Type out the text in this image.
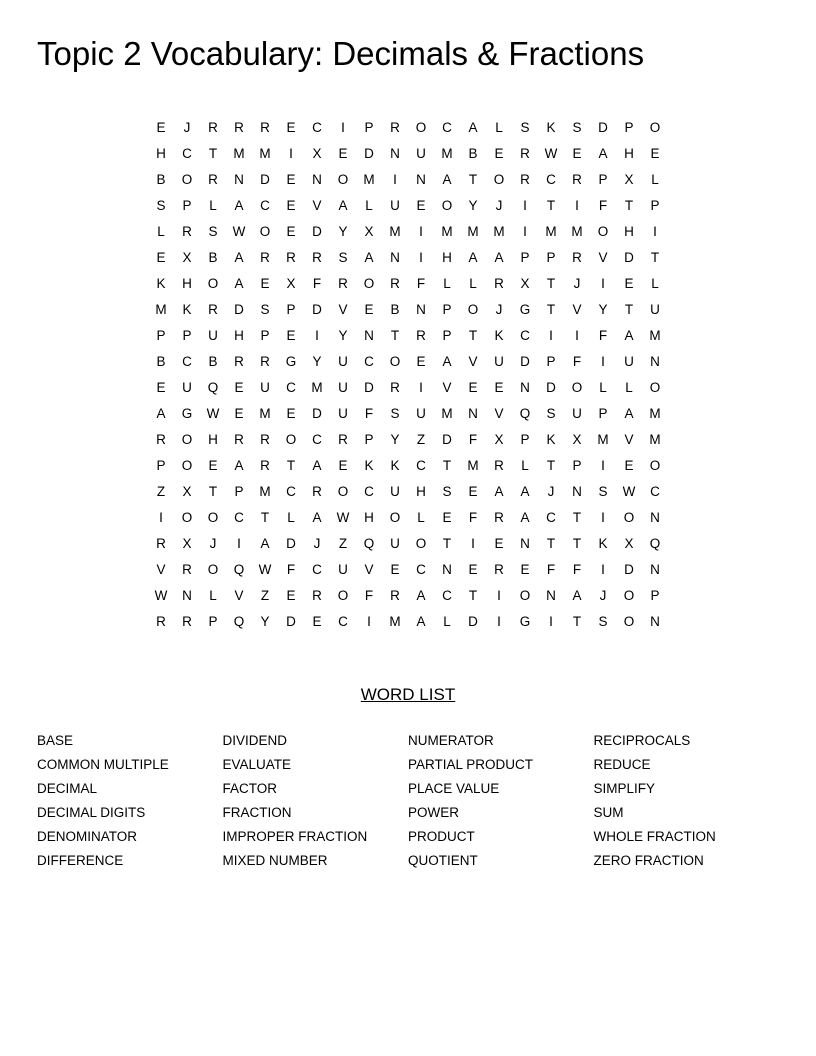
Topic 2 Vocabulary: Decimals & Fractions
E	J	R	R	R	E	C	I	P	R	O	C	A	L	S	K	S	D	P	O
H	C	T	M	M	I	X	E	D	N	U	M	B	E	R	W	E	A	H	E
B	O	R	N	D	E	N	O	M	I	N	A	T	O	R	C	R	P	X	L
S	P	L	A	C	E	V	A	L	U	E	O	Y	J	I	T	I	F	T	P
L	R	S	W	O	E	D	Y	X	M	I	M	M	M	I	M	M	O	H	I
E	X	B	A	R	R	R	S	A	N	I	H	A	A	P	P	R	V	D	T
K	H	O	A	E	X	F	R	O	R	F	L	L	R	X	T	J	I	E	L
M	K	R	D	S	P	D	V	E	B	N	P	O	J	G	T	V	Y	T	U
P	P	U	H	P	E	I	Y	N	T	R	P	T	K	C	I	I	F	A	M
B	C	B	R	R	G	Y	U	C	O	E	A	V	U	D	P	F	I	U	N
E	U	Q	E	U	C	M	U	D	R	I	V	E	E	N	D	O	L	L	O
A	G	W	E	M	E	D	U	F	S	U	M	N	V	Q	S	U	P	A	M
R	O	H	R	R	O	C	R	P	Y	Z	D	F	X	P	K	X	M	V	M
P	O	E	A	R	T	A	E	K	K	C	T	M	R	L	T	P	I	E	O
Z	X	T	P	M	C	R	O	C	U	H	S	E	A	A	J	N	S	W	C
I	O	O	C	T	L	A	W	H	O	L	E	F	R	A	C	T	I	O	N
R	X	J	I	A	D	J	Z	Q	U	O	T	I	E	N	T	T	K	X	Q
V	R	O	Q	W	F	C	U	V	E	C	N	E	R	E	F	F	I	D	N
W	N	L	V	Z	E	R	O	F	R	A	C	T	I	O	N	A	J	O	P
R	R	P	Q	Y	D	E	C	I	M	A	L	D	I	G	I	T	S	O	N
WORD LIST
BASE
COMMON MULTIPLE
DECIMAL
DECIMAL DIGITS
DENOMINATOR
DIFFERENCE
DIVIDEND
EVALUATE
FACTOR
FRACTION
IMPROPER FRACTION
MIXED NUMBER
NUMERATOR
PARTIAL PRODUCT
PLACE VALUE
POWER
PRODUCT
QUOTIENT
RECIPROCALS
REDUCE
SIMPLIFY
SUM
WHOLE FRACTION
ZERO FRACTION
